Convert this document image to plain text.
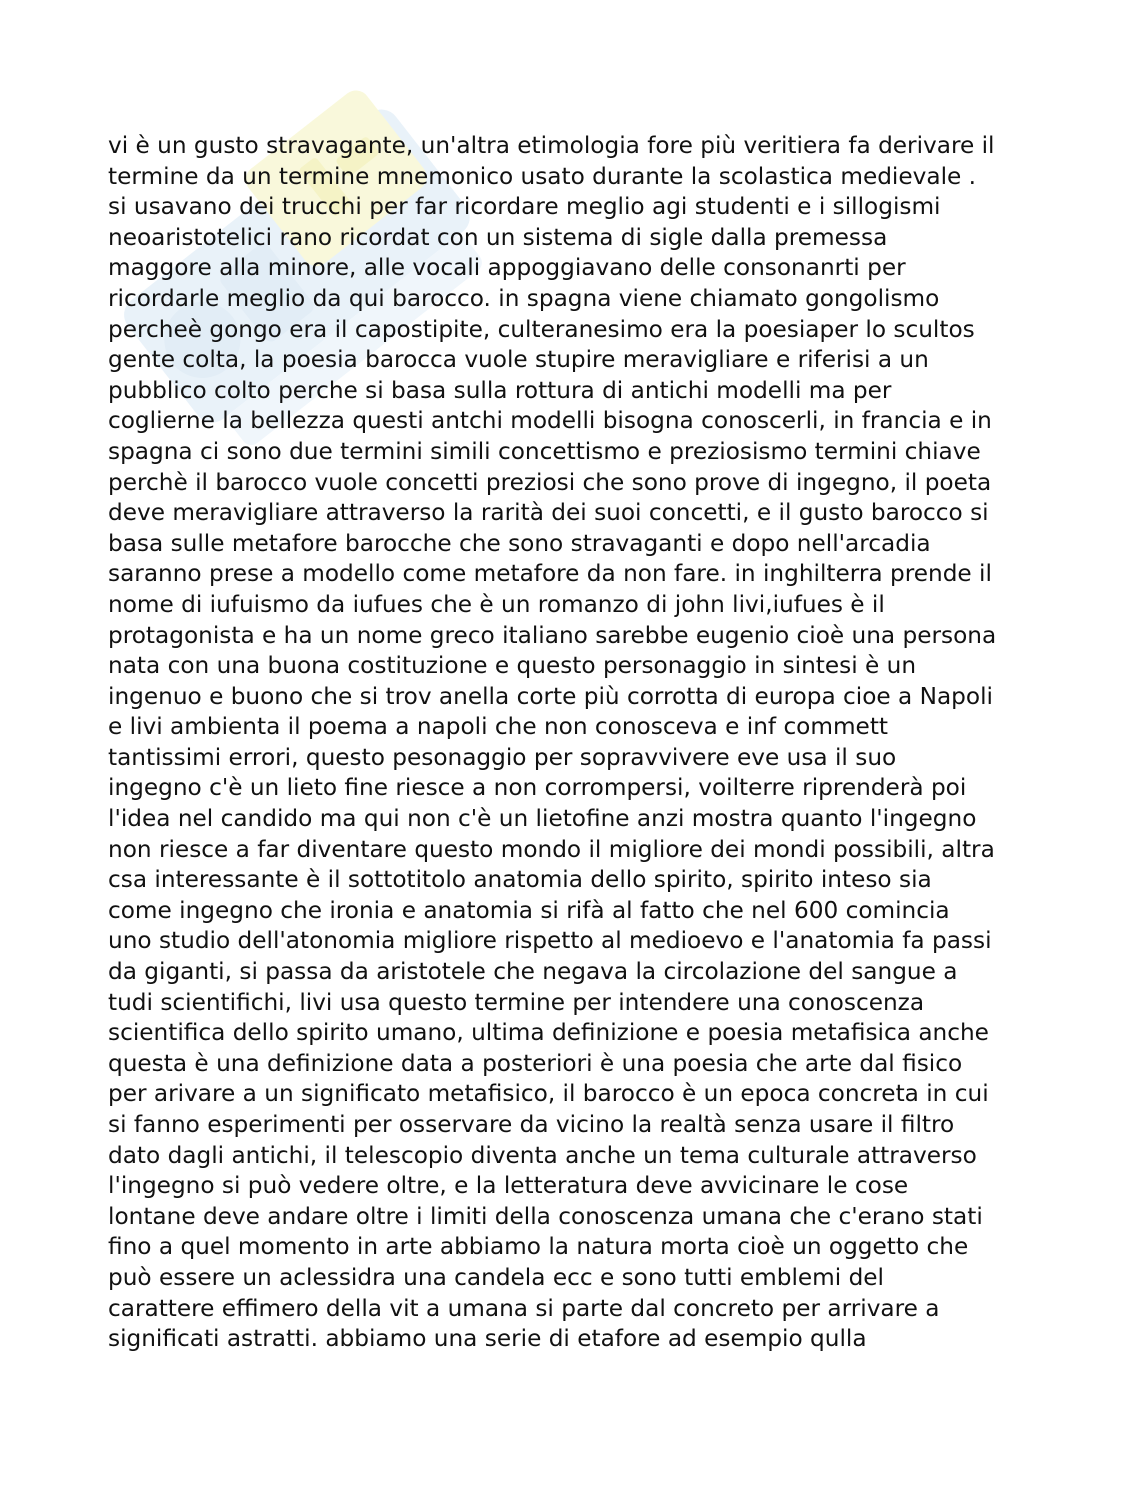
vi è un gusto stravagante, un'altra etimologia fore più veritiera fa derivare il
termine da un termine mnemonico usato durante la scolastica medievale .
si usavano dei trucchi per far ricordare meglio agi studenti e i sillogismi
neoaristotelici rano ricordat con un sistema di sigle dalla premessa
maggore alla minore, alle vocali appoggiavano delle consonanrti per
ricordarle meglio da qui barocco. in spagna viene chiamato gongolismo
percheè gongo era il capostipite, culteranesimo era la poesiaper lo scultos
gente colta, la poesia barocca vuole stupire meravigliare e riferisi a un
pubblico colto perche si basa sulla rottura di antichi modelli ma per
coglierne la bellezza questi antchi modelli bisogna conoscerli, in francia e in
spagna ci sono due termini simili concettismo e preziosismo termini chiave
perchè il barocco vuole concetti preziosi che sono prove di ingegno, il poeta
deve meravigliare attraverso la rarità dei suoi concetti, e il gusto barocco si
basa sulle metafore barocche che sono stravaganti e dopo nell'arcadia
saranno prese a modello come metafore da non fare. in inghilterra prende il
nome di iufuismo da iufues che è un romanzo di john livi,iufues è il
protagonista e ha un nome greco italiano sarebbe eugenio cioè una persona
nata con una buona costituzione e questo personaggio in sintesi è un
ingenuo e buono che si trov anella corte più corrotta di europa cioe a Napoli
e livi ambienta il poema a napoli che non conosceva e inf commett
tantissimi errori, questo pesonaggio per sopravvivere eve usa il suo
ingegno c'è un lieto fine riesce a non corrompersi, voilterre riprenderà poi
l'idea nel candido ma qui non c'è un lietofine anzi mostra quanto l'ingegno
non riesce a far diventare questo mondo il migliore dei mondi possibili, altra
csa interessante è il sottotitolo anatomia dello spirito, spirito inteso sia
come ingegno che ironia e anatomia si rifà al fatto che nel 600 comincia
uno studio dell'atonomia migliore rispetto al medioevo e l'anatomia fa passi
da giganti, si passa da aristotele che negava la circolazione del sangue a
tudi scientifichi, livi usa questo termine per intendere una conoscenza
scientifica dello spirito umano, ultima definizione e poesia metafisica anche
questa è una definizione data a posteriori è una poesia che arte dal fisico
per arivare a un significato metafisico, il barocco è un epoca concreta in cui
si fanno esperimenti per osservare da vicino la realtà senza usare il filtro
dato dagli antichi, il telescopio diventa anche un tema culturale attraverso
l'ingegno si può vedere oltre, e la letteratura deve avvicinare le cose
lontane deve andare oltre i limiti della conoscenza umana che c'erano stati
fino a quel momento in arte abbiamo la natura morta cioè un oggetto che
può essere un aclessidra una candela ecc e sono tutti emblemi del
carattere effimero della vit a umana si parte dal concreto per arrivare a
significati astratti. abbiamo una serie di etafore ad esempio qulla
